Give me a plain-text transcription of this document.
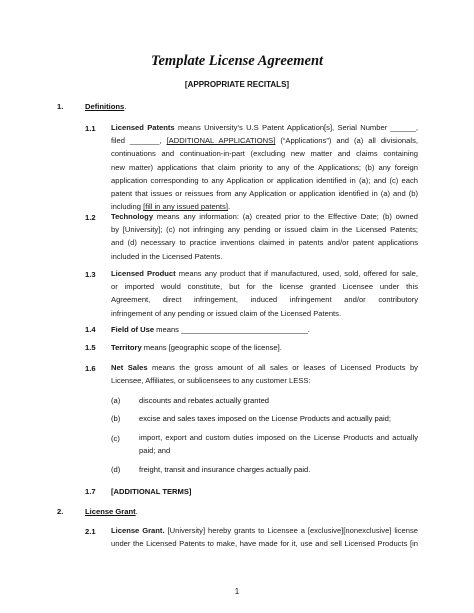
Template License Agreement
[APPROPRIATE RECITALS]
1.	Definitions.
1.1 Licensed Patents means University’s U.S Patent Application[s], Serial Number ______,
filed _______, [ADDITIONAL APPLICATIONS] (“Applications”) and (a) all divisionals,
continuations and continuation-in-part (excluding new matter and claims containing
new matter) applications that claim priority to any of the Applications; (b) any foreign
application corresponding to any Application or application identified in (a); and (c) each
patent that issues or reissues from any Application or application identified in (a) and (b)
including [fill in any issued patents].
1.2 Technology means any information: (a) created prior to the Effective Date; (b) owned
by [University]; (c) not infringing any pending or issued claim in the Licensed Patents;
and (d) necessary to practice inventions claimed in patents and/or patent applications
included in the Licensed Patents.
1.3 Licensed Product means any product that if manufactured, used, sold, offered for sale,
or imported would constitute, but for the license granted Licensee under this
Agreement, direct infringement, induced infringement and/or contributory
infringement of any pending or issued claim of the Licensed Patents.
1.4 Field of Use means ______________________________.
1.5 Territory means [geographic scope of the license].
1.6 Net Sales means the gross amount of all sales or leases of Licensed Products by
Licensee, Affiliates, or sublicensees to any customer LESS:
(a) discounts and rebates actually granted
(b) excise and sales taxes imposed on the License Products and actually paid;
(c)	import, export and custom duties imposed on the License Products and actually
paid; and
(d) freight, transit and insurance charges actually paid.
1.7 [ADDITIONAL TERMS]
2.	License Grant.
2.1 License Grant. [University] hereby grants to Licensee a [exclusive][nonexclusive] license
under the Licensed Patents to make, have made for it, use and sell Licensed Products [in
1
